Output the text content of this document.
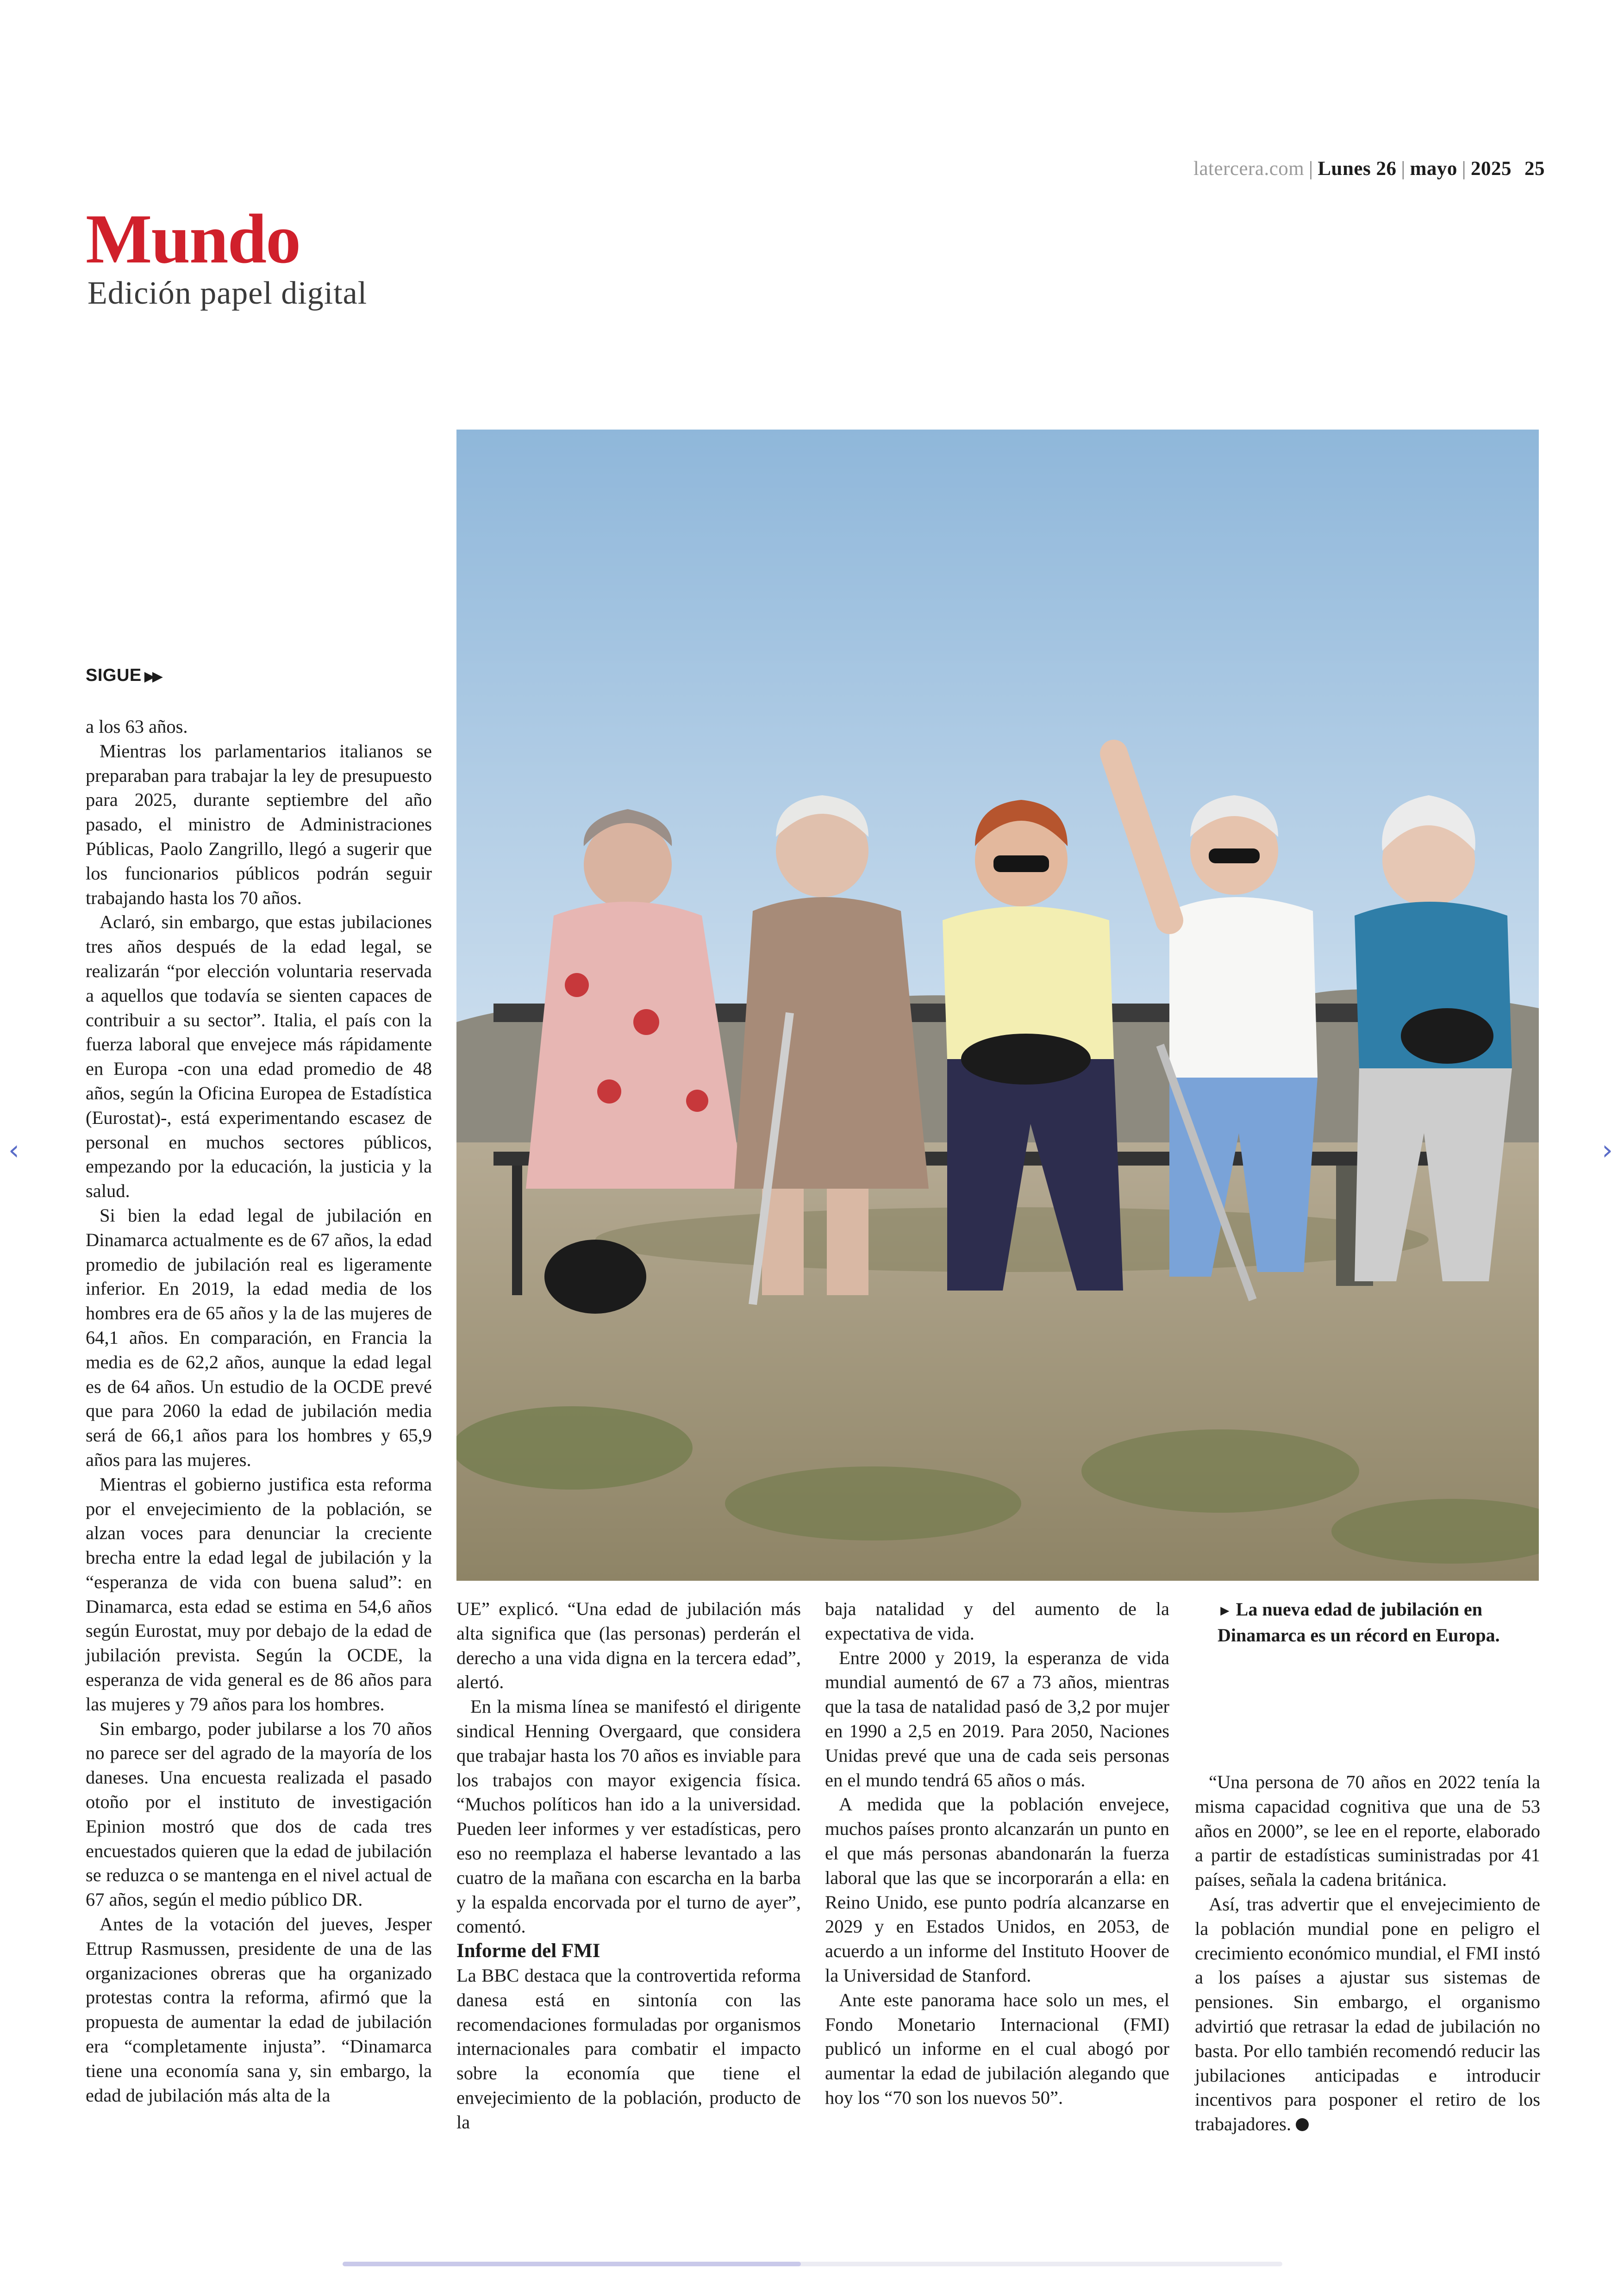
latercera.com | Lunes 26 | mayo | 2025 25
Mundo
Edición papel digital
SIGUE ▶▶

a los 63 años.

Mientras los parlamentarios italianos se preparaban para trabajar la ley de presupuesto para 2025, durante septiembre del año pasado, el ministro de Administraciones Públicas, Paolo Zangrillo, llegó a sugerir que los funcionarios públicos podrán seguir trabajando hasta los 70 años.

Aclaró, sin embargo, que estas jubilaciones tres años después de la edad legal, se realizarán “por elección voluntaria reservada a aquellos que todavía se sienten capaces de contribuir a su sector”. Italia, el país con la fuerza laboral que envejece más rápidamente en Europa -con una edad promedio de 48 años, según la Oficina Europea de Estadística (Eurostat)-, está experimentando escasez de personal en muchos sectores públicos, empezando por la educación, la justicia y la salud.

Si bien la edad legal de jubilación en Dinamarca actualmente es de 67 años, la edad promedio de jubilación real es ligeramente inferior. En 2019, la edad media de los hombres era de 65 años y la de las mujeres de 64,1 años. En comparación, en Francia la media es de 62,2 años, aunque la edad legal es de 64 años. Un estudio de la OCDE prevé que para 2060 la edad de jubilación media será de 66,1 años para los hombres y 65,9 años para las mujeres.

Mientras el gobierno justifica esta reforma por el envejecimiento de la población, se alzan voces para denunciar la creciente brecha entre la edad legal de jubilación y la “esperanza de vida con buena salud”: en Dinamarca, esta edad se estima en 54,6 años según Eurostat, muy por debajo de la edad de jubilación prevista. Según la OCDE, la esperanza de vida general es de 86 años para las mujeres y 79 años para los hombres.

Sin embargo, poder jubilarse a los 70 años no parece ser del agrado de la mayoría de los daneses. Una encuesta realizada el pasado otoño por el instituto de investigación Epinion mostró que dos de cada tres encuestados quieren que la edad de jubilación se reduzca o se mantenga en el nivel actual de 67 años, según el medio público DR.

Antes de la votación del jueves, Jesper Ettrup Rasmussen, presidente de una de las organizaciones obreras que ha organizado protestas contra la reforma, afirmó que la propuesta de aumentar la edad de jubilación era “completamente injusta”. “Dinamarca tiene una economía sana y, sin embargo, la edad de jubilación más alta de la

UE” explicó. “Una edad de jubilación más alta significa que (las personas) perderán el derecho a una vida digna en la tercera edad”, alertó.

En la misma línea se manifestó el dirigente sindical Henning Overgaard, que considera que trabajar hasta los 70 años es inviable para los trabajos con mayor exigencia física. “Muchos políticos han ido a la universidad. Pueden leer informes y ver estadísticas, pero eso no reemplaza el haberse levantado a las cuatro de la mañana con escarcha en la barba y la espalda encorvada por el turno de ayer”, comentó.

Informe del FMI

La BBC destaca que la controvertida reforma danesa está en sintonía con las recomendaciones formuladas por organismos internacionales para combatir el impacto sobre la economía que tiene el envejecimiento de la población, producto de la

baja natalidad y del aumento de la expectativa de vida.

Entre 2000 y 2019, la esperanza de vida mundial aumentó de 67 a 73 años, mientras que la tasa de natalidad pasó de 3,2 por mujer en 1990 a 2,5 en 2019. Para 2050, Naciones Unidas prevé que una de cada seis personas en el mundo tendrá 65 años o más.

A medida que la población envejece, muchos países pronto alcanzarán un punto en el que más personas abandonarán la fuerza laboral que las que se incorporarán a ella: en Reino Unido, ese punto podría alcanzarse en 2029 y en Estados Unidos, en 2053, de acuerdo a un informe del Instituto Hoover de la Universidad de Stanford.

Ante este panorama hace solo un mes, el Fondo Monetario Internacional (FMI) publicó un informe en el cual abogó por aumentar la edad de jubilación alegando que hoy los “70 son los nuevos 50”.

► La nueva edad de jubilación en Dinamarca es un récord en Europa.

“Una persona de 70 años en 2022 tenía la misma capacidad cognitiva que una de 53 años en 2000”, se lee en el reporte, elaborado a partir de estadísticas suministradas por 41 países, señala la cadena británica.

Así, tras advertir que el envejecimiento de la población mundial pone en peligro el crecimiento económico mundial, el FMI instó a los países a ajustar sus sistemas de pensiones. Sin embargo, el organismo advirtió que retrasar la edad de jubilación no basta. Por ello también recomendó reducir las jubilaciones anticipadas e introducir incentivos para posponer el retiro de los trabajadores.

‹	›
